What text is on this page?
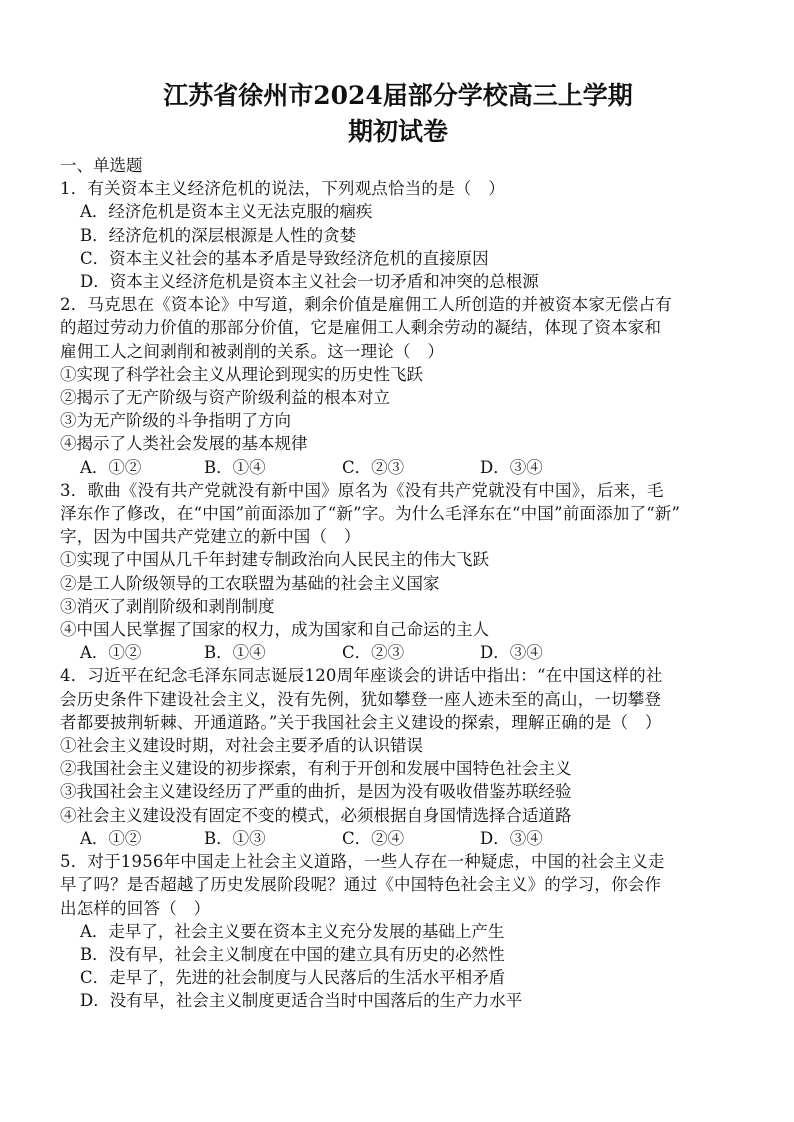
江苏省徐州市2024届部分学校高三上学期
期初试卷
一、单选题
1．有关资本主义经济危机的说法，下列观点恰当的是（　）
A．经济危机是资本主义无法克服的痼疾
B．经济危机的深层根源是人性的贪婪
C．资本主义社会的基本矛盾是导致经济危机的直接原因
D．资本主义经济危机是资本主义社会一切矛盾和冲突的总根源
2．马克思在《资本论》中写道，剩余价值是雇佣工人所创造的并被资本家无偿占有
的超过劳动力价值的那部分价值，它是雇佣工人剩余劳动的凝结，体现了资本家和
雇佣工人之间剥削和被剥削的关系。这一理论（　）
①实现了科学社会主义从理论到现实的历史性飞跃
②揭示了无产阶级与资产阶级利益的根本对立
③为无产阶级的斗争指明了方向
④揭示了人类社会发展的基本规律
A．①②	B．①④	C．②③	D．③④
3．歌曲《没有共产党就没有新中国》原名为《没有共产党就没有中国》，后来，毛
泽东作了修改，在“中国”前面添加了“新”字。为什么毛泽东在“中国”前面添加了“新”
字，因为中国共产党建立的新中国（　）
①实现了中国从几千年封建专制政治向人民民主的伟大飞跃
②是工人阶级领导的工农联盟为基础的社会主义国家
③消灭了剥削阶级和剥削制度
④中国人民掌握了国家的权力，成为国家和自己命运的主人
A．①②	B．①④	C．②③	D．③④
4．习近平在纪念毛泽东同志诞辰120周年座谈会的讲话中指出：“在中国这样的社
会历史条件下建设社会主义，没有先例，犹如攀登一座人迹未至的高山，一切攀登
者都要披荆斩棘、开通道路。”关于我国社会主义建设的探索，理解正确的是（　）
①社会主义建设时期，对社会主要矛盾的认识错误
②我国社会主义建设的初步探索，有利于开创和发展中国特色社会主义
③我国社会主义建设经历了严重的曲折，是因为没有吸收借鉴苏联经验
④社会主义建设没有固定不变的模式，必须根据自身国情选择合适道路
A．①②	B．①③	C．②④	D．③④
5．对于1956年中国走上社会主义道路，一些人存在一种疑虑，中国的社会主义走
早了吗？是否超越了历史发展阶段呢？通过《中国特色社会主义》的学习，你会作
出怎样的回答（　）
A．走早了，社会主义要在资本主义充分发展的基础上产生
B．没有早，社会主义制度在中国的建立具有历史的必然性
C．走早了，先进的社会制度与人民落后的生活水平相矛盾
D．没有早，社会主义制度更适合当时中国落后的生产力水平
